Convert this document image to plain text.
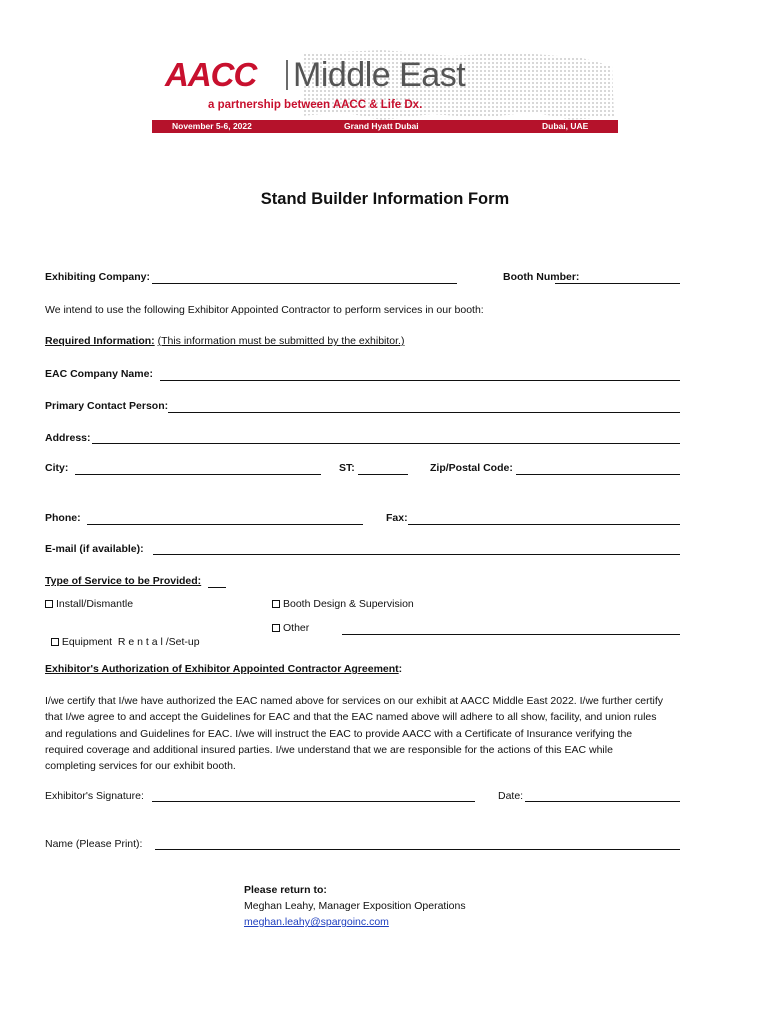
AACC Middle East
a partnership between AACC & Life Dx.
November 5-6, 2022	Grand Hyatt Dubai	Dubai, UAE
Stand Builder Information Form
Exhibiting Company:	Booth Number:
We intend to use the following Exhibitor Appointed Contractor to perform services in our booth:
Required Information: (This information must be submitted by the exhibitor.)
EAC Company Name:
Primary Contact Person:
Address:
City:	ST:	Zip/Postal Code:
Phone:	Fax:
E-mail (if available):
Type of Service to be Provided:
Install/Dismantle	Booth Design & Supervision

Equipment  R e n t a l /Set-up

Other
Exhibitor's Authorization of Exhibitor Appointed Contractor Agreement:
I/we certify that I/we have authorized the EAC named above for services on our exhibit at AACC Middle East 2022. I/we further certify
that I/we agree to and accept the Guidelines for EAC and that the EAC named above will adhere to all show, facility, and union rules
and regulations and Guidelines for EAC. I/we will instruct the EAC to provide AACC with a Certificate of Insurance verifying the
required coverage and additional insured parties. I/we understand that we are responsible for the actions of this EAC while
completing services for our exhibit booth.
Exhibitor's Signature:	Date:
Name (Please Print):
Please return to:
Meghan Leahy, Manager Exposition Operations
meghan.leahy@spargoinc.com
